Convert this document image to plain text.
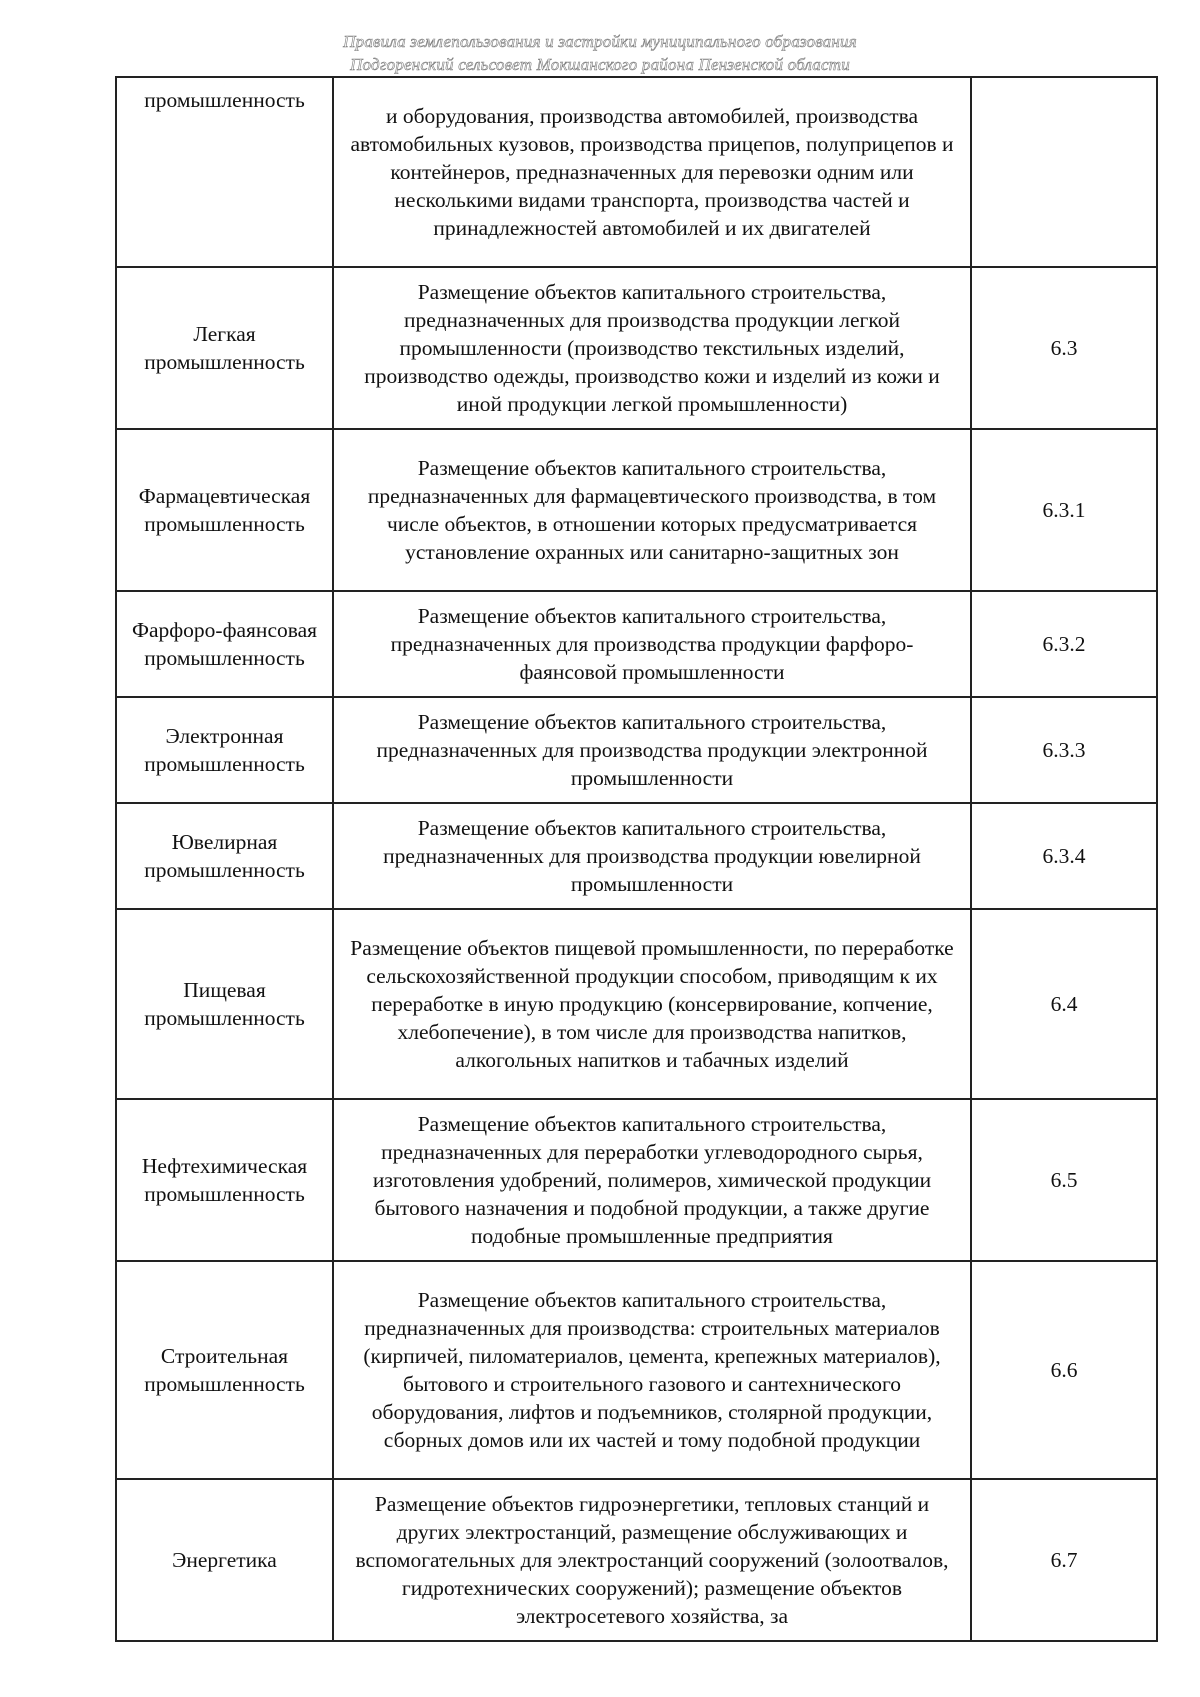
Правила землепользования и застройки муниципального образования
Подгоренский сельсовет Мокшанского района Пензенской области
промышленность	и оборудования, производства автомобилей, производства автомобильных кузовов, производства прицепов, полуприцепов и контейнеров, предназначенных для перевозки одним или несколькими видами транспорта, производства частей и принадлежностей автомобилей и их двигателей	
Легкая промышленность	Размещение объектов капитального строительства, предназначенных для производства продукции легкой промышленности (производство текстильных изделий, производство одежды, производство кожи и изделий из кожи и иной продукции легкой промышленности)	6.3
Фармацевтическая промышленность	Размещение объектов капитального строительства, предназначенных для фармацевтического производства, в том числе объектов, в отношении которых предусматривается установление охранных или санитарно-защитных зон	6.3.1
Фарфоро-фаянсовая промышленность	Размещение объектов капитального строительства, предназначенных для производства продукции фарфоро-фаянсовой промышленности	6.3.2
Электронная промышленность	Размещение объектов капитального строительства, предназначенных для производства продукции электронной промышленности	6.3.3
Ювелирная промышленность	Размещение объектов капитального строительства, предназначенных для производства продукции ювелирной промышленности	6.3.4
Пищевая промышленность	Размещение объектов пищевой промышленности, по переработке сельскохозяйственной продукции способом, приводящим к их переработке в иную продукцию (консервирование, копчение, хлебопечение), в том числе для производства напитков, алкогольных напитков и табачных изделий	6.4
Нефтехимическая промышленность	Размещение объектов капитального строительства, предназначенных для переработки углеводородного сырья, изготовления удобрений, полимеров, химической продукции бытового назначения и подобной продукции, а также другие подобные промышленные предприятия	6.5
Строительная промышленность	Размещение объектов капитального строительства, предназначенных для производства: строительных материалов (кирпичей, пиломатериалов, цемента, крепежных материалов), бытового и строительного газового и сантехнического оборудования, лифтов и подъемников, столярной продукции, сборных домов или их частей и тому подобной продукции	6.6
Энергетика	Размещение объектов гидроэнергетики, тепловых станций и других электростанций, размещение обслуживающих и вспомогательных для электростанций сооружений (золоотвалов, гидротехнических сооружений); размещение объектов электросетевого хозяйства, за	6.7
